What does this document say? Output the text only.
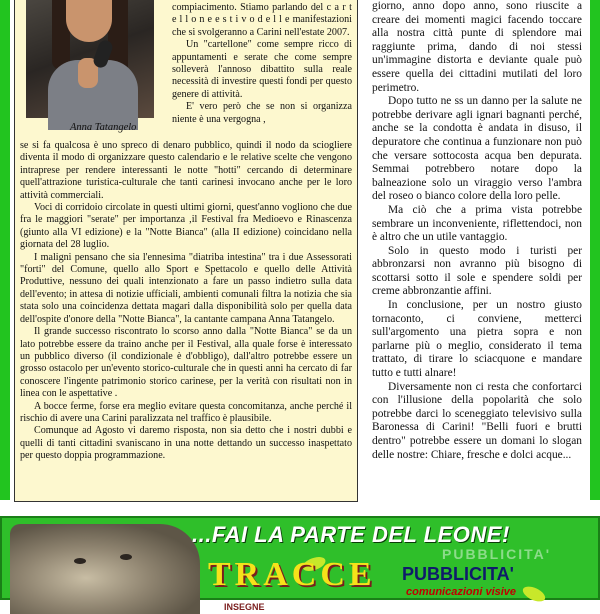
Anna Tatangelo

compiacimento. Stiamo parlando del c a r t e l l o n e e s t i v o d e l l e manifestazioni che si svolgeranno a Carini nell'estate 2007.

Un "cartellone" come sempre ricco di appuntamenti e serate che come sempre solleverà l'annoso dibattito sulla reale necessità di investire questi fondi per questo genere di attività.

E' vero però che se non si organizza niente è una vergogna ,

se si fa qualcosa è uno spreco di denaro pubblico, quindi il nodo da sciogliere diventa il modo di organizzare questo calendario e le relative scelte che vengono intraprese per rendere interessanti le notte "hotti" cercando di determinare quell'attrazione turistica-culturale che tanti carinesi invocano anche per le loro attività commerciali.

Voci di corridoio circolate in questi ultimi giorni, quest'anno vogliono che due fra le maggiori "serate" per importanza ,il Festival fra Medioevo e Rinascenza (giunto alla VI edizione) e la "Notte Bianca" (alla II edizione) coincidano nella giornata del 28 luglio.

I maligni pensano che sia l'ennesima "diatriba intestina" tra i due Assessorati "forti" del Comune, quello allo Sport e Spettacolo e quello delle Attività Produttive, nessuno dei quali intenzionato a fare un passo indietro sulla data dell'evento; in attesa di notizie ufficiali, ambienti comunali filtra la notizia che sia stata solo una coincidenza dettata magari dalla disponibilità solo per quella data dell'ospite d'onore della "Notte Bianca", la cantante campana Anna Tatangelo.

Il grande successo riscontrato lo scorso anno dalla "Notte Bianca" se da un lato potrebbe essere da traino anche per il Festival, alla quale forse è interessato un pubblico diverso (il condizionale è d'obbligo), dall'altro potrebbe essere un grosso ostacolo per un'evento storico-culturale che in questi anni ha cercato di far conoscere l'ingente patrimonio storico carinese, per la verità con risultati non in linea con le aspettative .

A bocce ferme, forse era meglio evitare questa concomitanza, anche perché il rischio di avere una Carini paralizzata nel traffico è plausibile.

Comunque ad Agosto vi daremo risposta, non sia detto che i nostri dubbi e quelli di tanti cittadini svaniscano in una notte dettando un successo inaspettato per questo doppia programmazione.

giorno, anno dopo anno, sono riuscite a creare dei momenti magici facendo toccare alla nostra città punte di splendore mai raggiunte prima, dando di noi stessi un'immagine distorta e deviante quale può essere quella dei cittadini mutilati del loro perimetro.

Dopo tutto ne ss un danno per la salute ne potrebbe derivare agli ignari bagnanti perché, anche se la condotta è andata in disuso, il depuratore che continua a funzionare non può che versare sottocosta acqua ben depurata. Semmai potrebbero notare dopo la balneazione solo un viraggio verso l'ambra del roseo o bianco colore della loro pelle.

Ma ciò che a prima vista potrebbe sembrare un inconveniente, riflettendoci, non è altro che un utile vantaggio.

Solo in questo modo i turisti per abbronzarsi non avranno più bisogno di scottarsi sotto il sole e spendere soldi per creme abbronzantie affini.

In conclusione, per un nostro giusto tornaconto, ci conviene, metterci sull'argomento una pietra sopra e non parlarne più o meglio, considerato il tema trattato, di tirare lo sciacquone e mandare tutto e tutti alnare!

Diversamente non ci resta che confortarci con l'illusione della popolarità che solo potrebbe darci lo sceneggiato televisivo sulla Baronessa di Carini! "Belli fuori e brutti dentro" potrebbe essere un domani lo slogan delle nostre: Chiare, fresche e dolci acque...

...FAI LA PARTE DEL LEONE!
PUBBLICITA'
TRACCE PUBBLICITA'
comunicazioni visive
INSEGNE
